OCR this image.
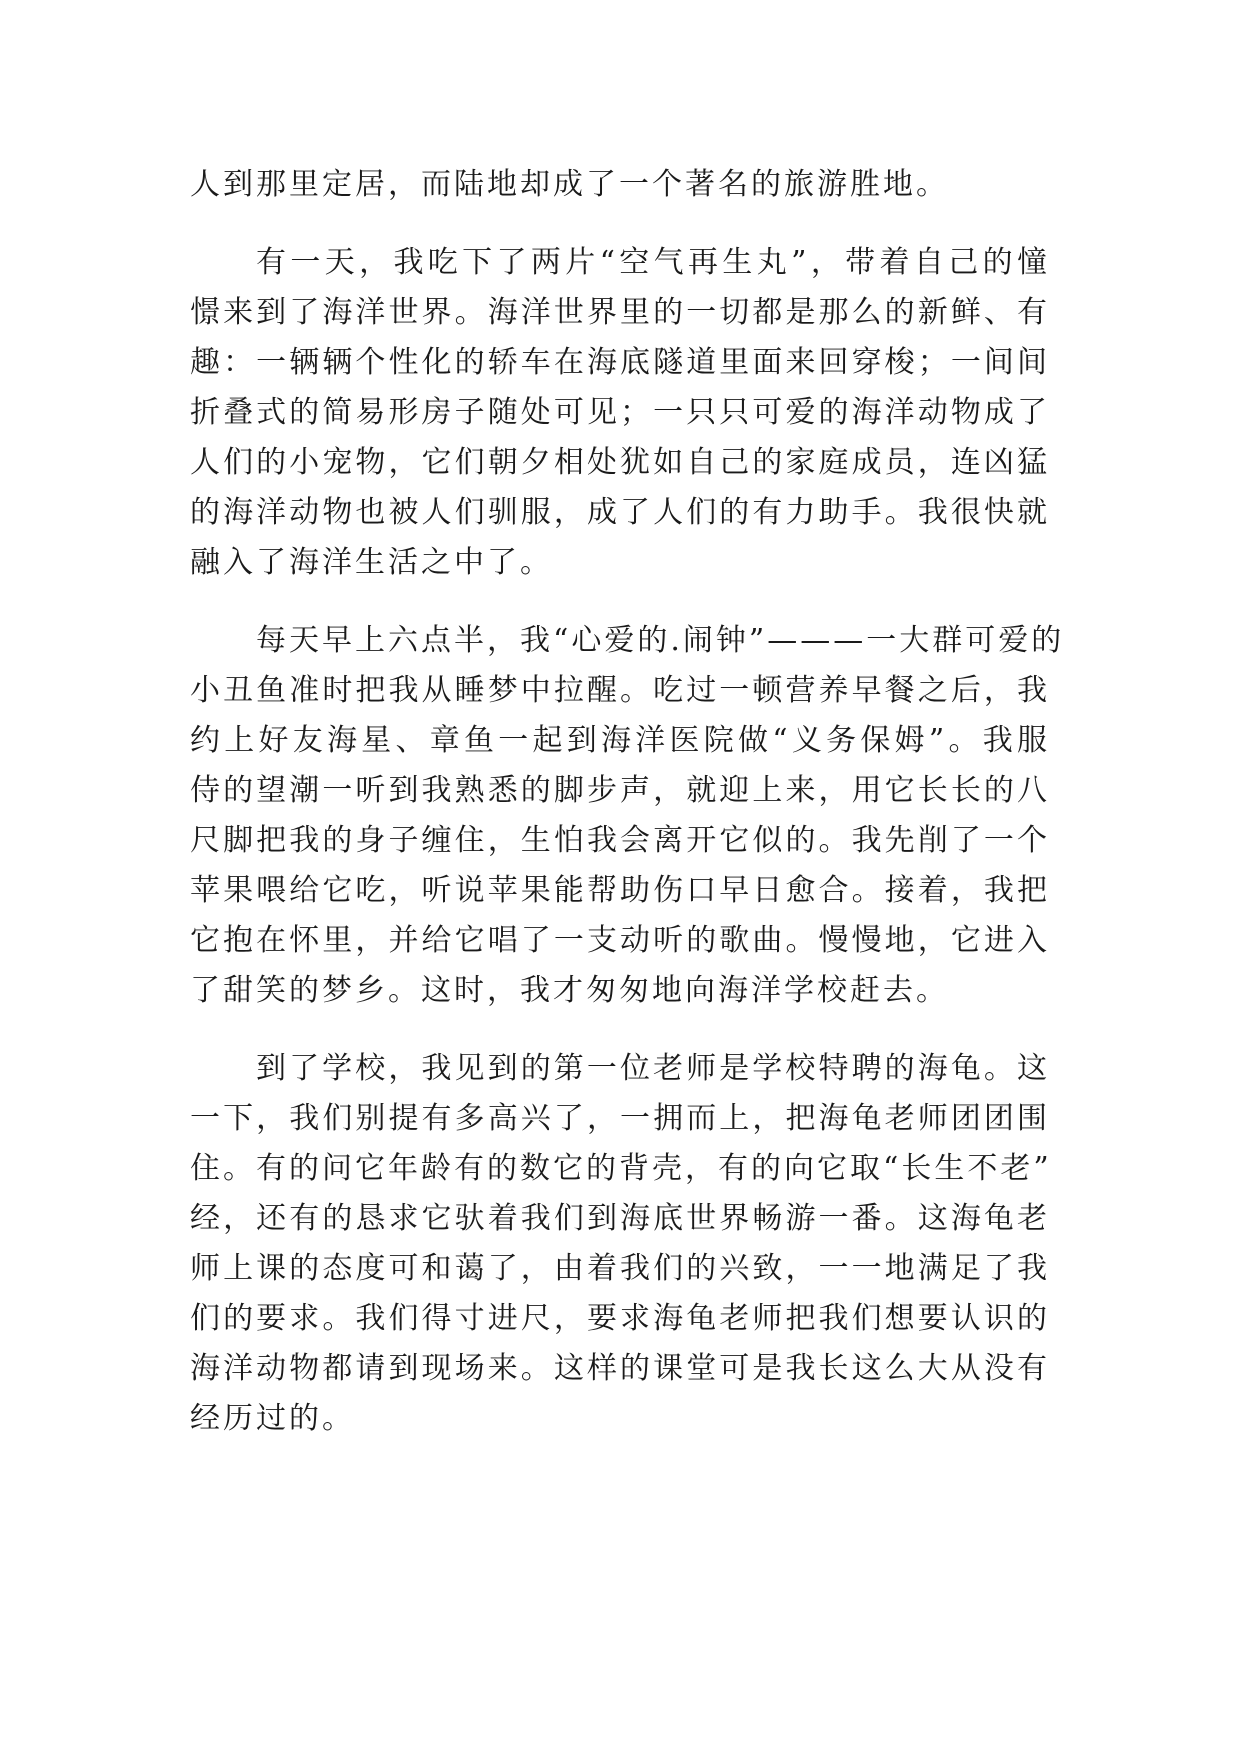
人到那里定居，而陆地却成了一个著名的旅游胜地。
有一天，我吃下了两片“空气再生丸”，带着自己的憧
憬来到了海洋世界。海洋世界里的一切都是那么的新鲜、有
趣：一辆辆个性化的轿车在海底隧道里面来回穿梭；一间间
折叠式的简易形房子随处可见；一只只可爱的海洋动物成了
人们的小宠物，它们朝夕相处犹如自己的家庭成员，连凶猛
的海洋动物也被人们驯服，成了人们的有力助手。我很快就
融入了海洋生活之中了。
每天早上六点半，我“心爱的.闹钟”———一大群可爱的
小丑鱼准时把我从睡梦中拉醒。吃过一顿营养早餐之后，我
约上好友海星、章鱼一起到海洋医院做“义务保姆”。我服
侍的望潮一听到我熟悉的脚步声，就迎上来，用它长长的八
尺脚把我的身子缠住，生怕我会离开它似的。我先削了一个
苹果喂给它吃，听说苹果能帮助伤口早日愈合。接着，我把
它抱在怀里，并给它唱了一支动听的歌曲。慢慢地，它进入
了甜笑的梦乡。这时，我才匆匆地向海洋学校赶去。
到了学校，我见到的第一位老师是学校特聘的海龟。这
一下，我们别提有多高兴了，一拥而上，把海龟老师团团围
住。有的问它年龄有的数它的背壳，有的向它取“长生不老”
经，还有的恳求它驮着我们到海底世界畅游一番。这海龟老
师上课的态度可和蔼了，由着我们的兴致，一一地满足了我
们的要求。我们得寸进尺，要求海龟老师把我们想要认识的
海洋动物都请到现场来。这样的课堂可是我长这么大从没有
经历过的。
